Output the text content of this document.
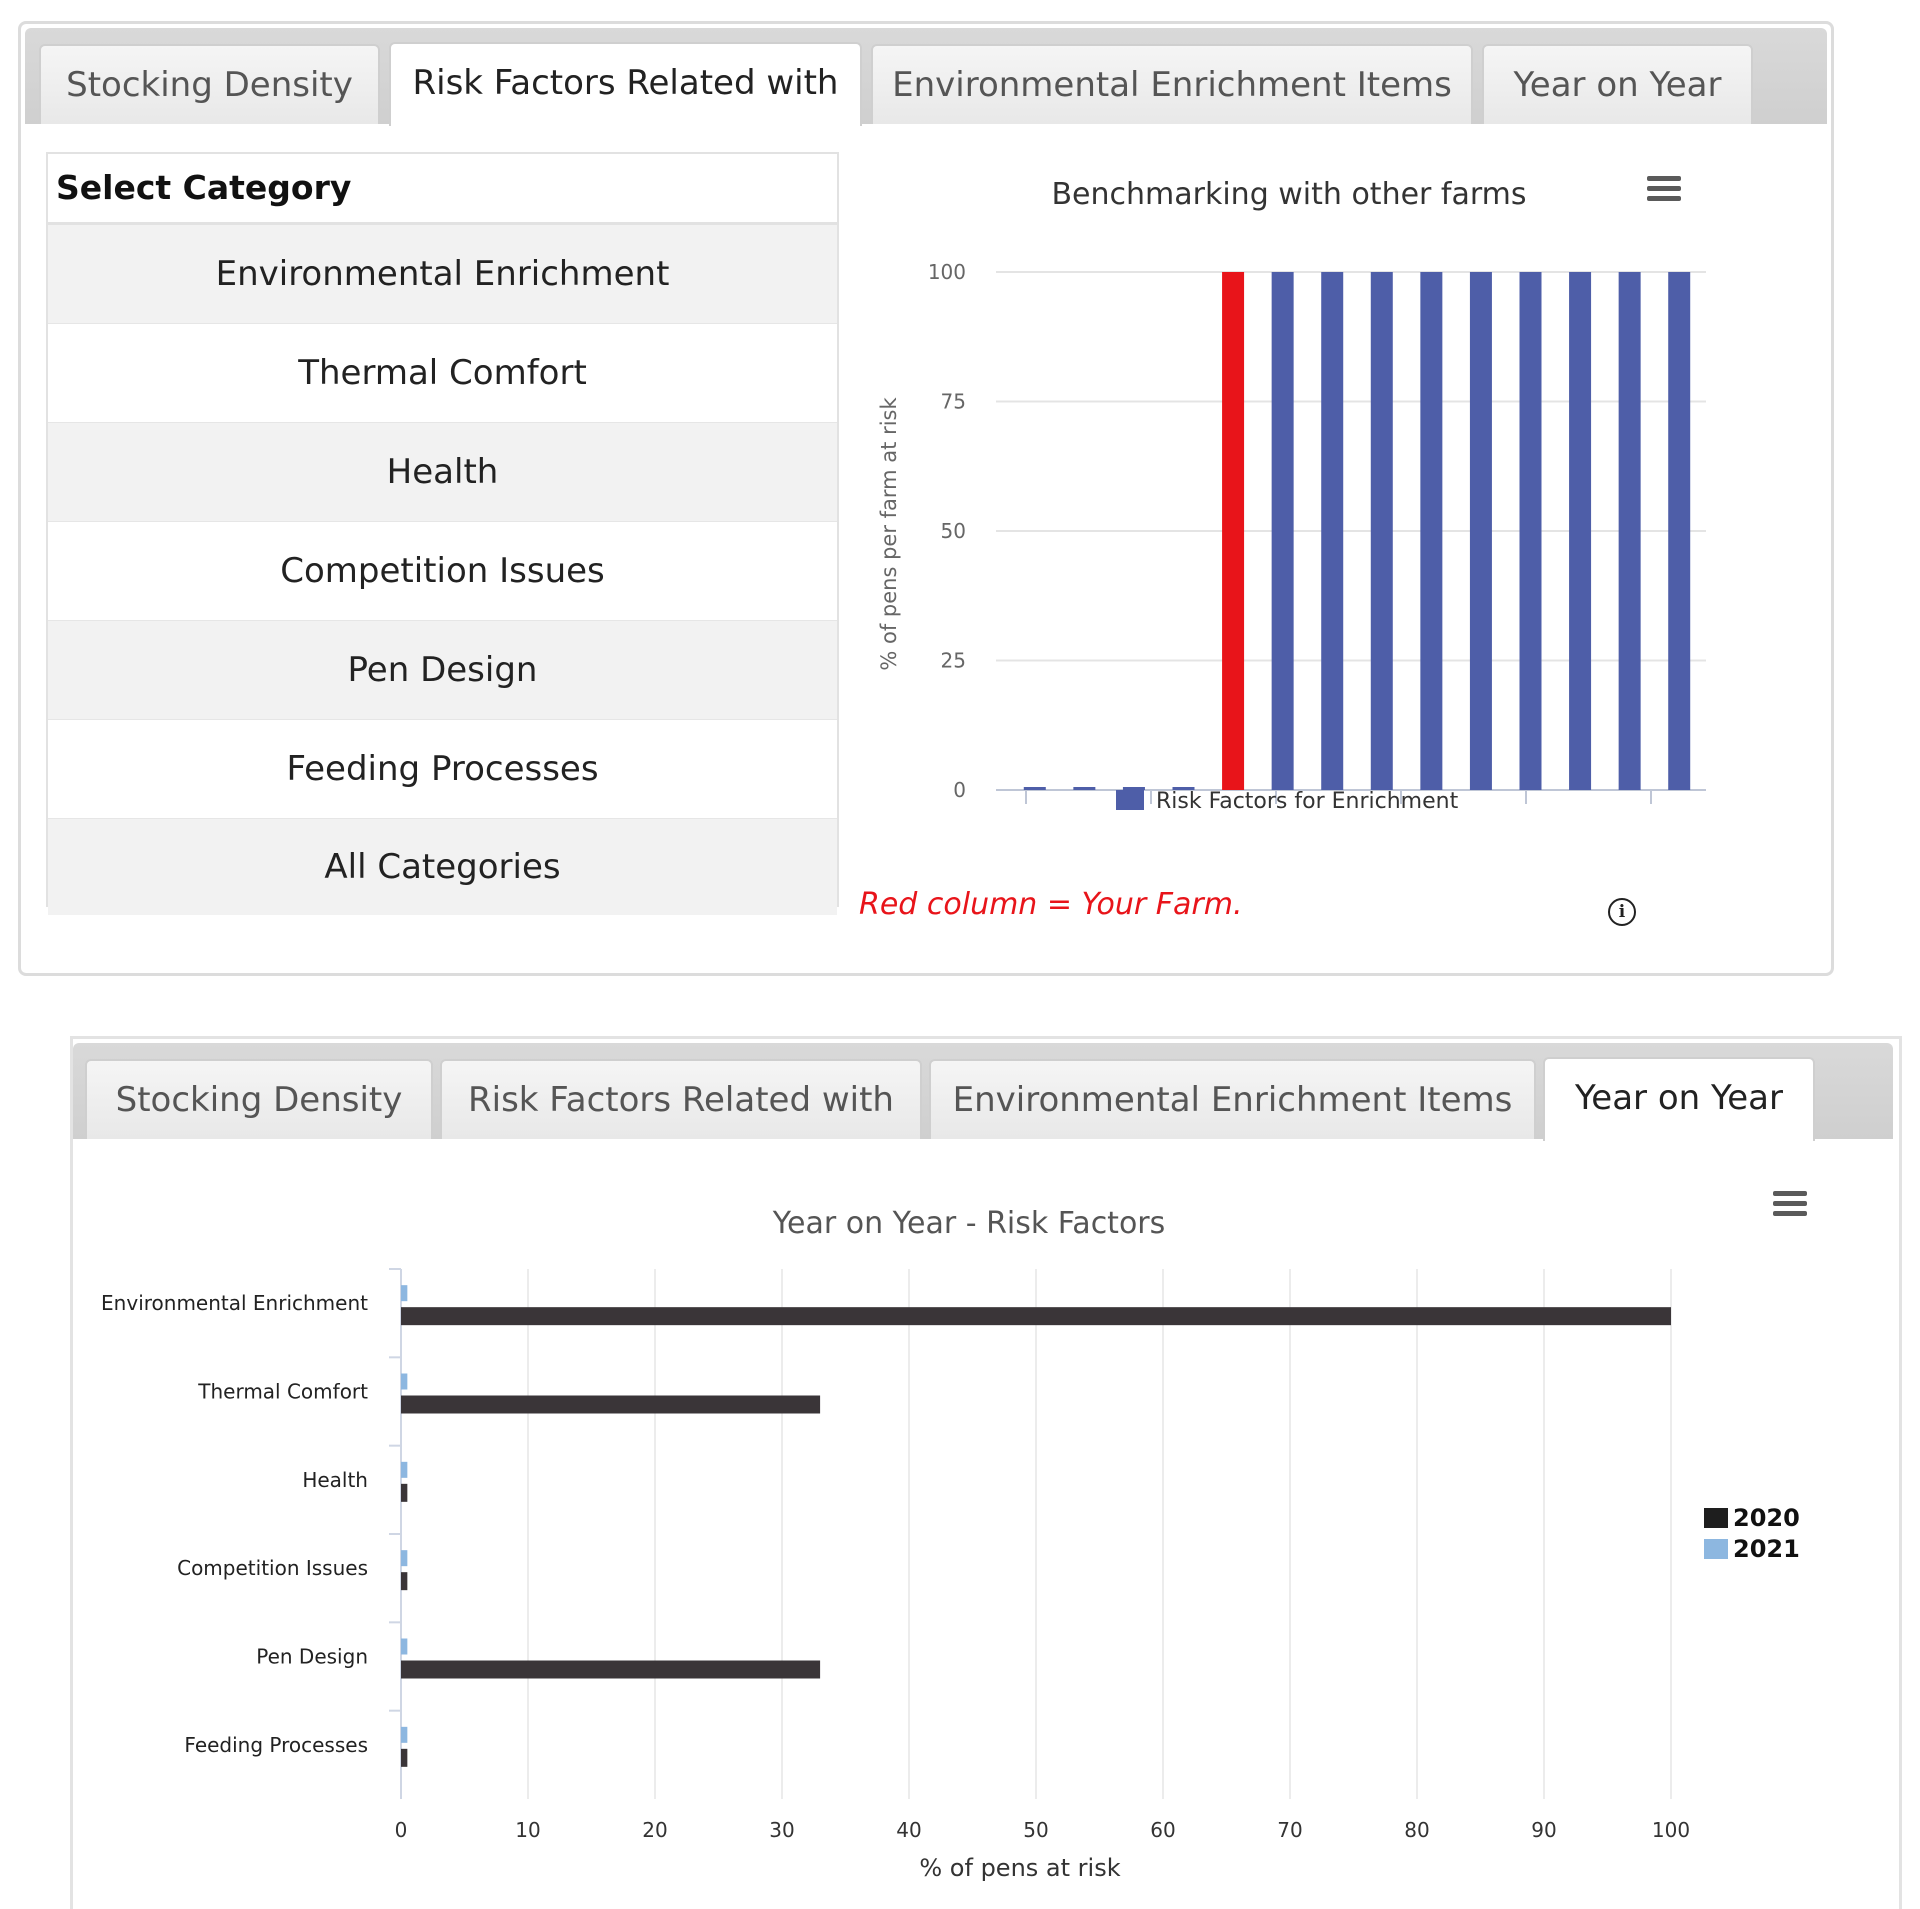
Stocking Density	Risk Factors Related with	Environmental Enrichment Items	Year on Year
Select Category
Environmental Enrichment
Thermal Comfort
Health
Competition Issues
Pen Design
Feeding Processes
All Categories
Benchmarking with other farms
% of pens per farm at risk
0
25
50
75
100
Risk Factors for Enrichment
Red column = Your Farm.	i
Stocking Density	Risk Factors Related with	Environmental Enrichment Items	Year on Year
Year on Year - Risk Factors
0	10	20	30	40	50	60	70	80	90	100
Environmental Enrichment
Thermal Comfort
Health
Competition Issues
Pen Design
Feeding Processes
% of pens at risk
2020
2021
